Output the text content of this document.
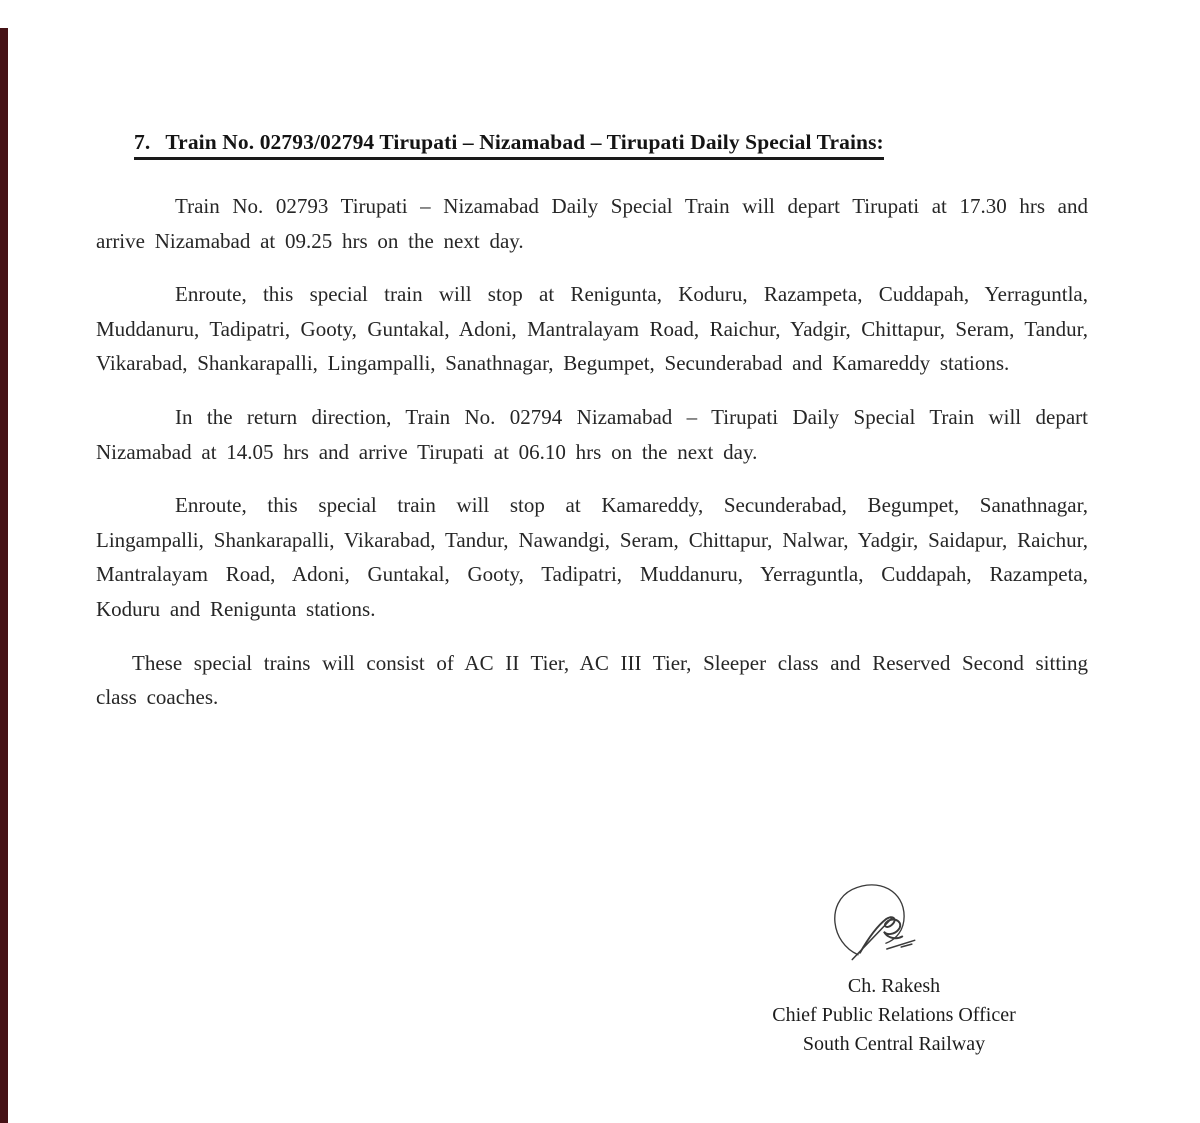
7. Train No. 02793/02794 Tirupati – Nizamabad – Tirupati Daily Special Trains:

Train No. 02793 Tirupati – Nizamabad Daily Special Train will depart Tirupati at 17.30 hrs and arrive Nizamabad at 09.25 hrs on the next day.

Enroute, this special train will stop at Renigunta, Koduru, Razampeta, Cuddapah, Yerraguntla, Muddanuru, Tadipatri, Gooty, Guntakal, Adoni, Mantralayam Road, Raichur, Yadgir, Chittapur, Seram, Tandur, Vikarabad, Shankarapalli, Lingampalli, Sanathnagar, Begumpet, Secunderabad and Kamareddy stations.

In the return direction, Train No. 02794 Nizamabad – Tirupati Daily Special Train will depart Nizamabad at 14.05 hrs and arrive Tirupati at 06.10 hrs on the next day.

Enroute, this special train will stop at Kamareddy, Secunderabad, Begumpet, Sanathnagar, Lingampalli, Shankarapalli, Vikarabad, Tandur, Nawandgi, Seram, Chittapur, Nalwar, Yadgir, Saidapur, Raichur, Mantralayam Road, Adoni, Guntakal, Gooty, Tadipatri, Muddanuru, Yerraguntla, Cuddapah, Razampeta, Koduru and Renigunta stations.

These special trains will consist of AC II Tier, AC III Tier, Sleeper class and Reserved Second sitting class coaches.

Ch. Rakesh
Chief Public Relations Officer
South Central Railway
